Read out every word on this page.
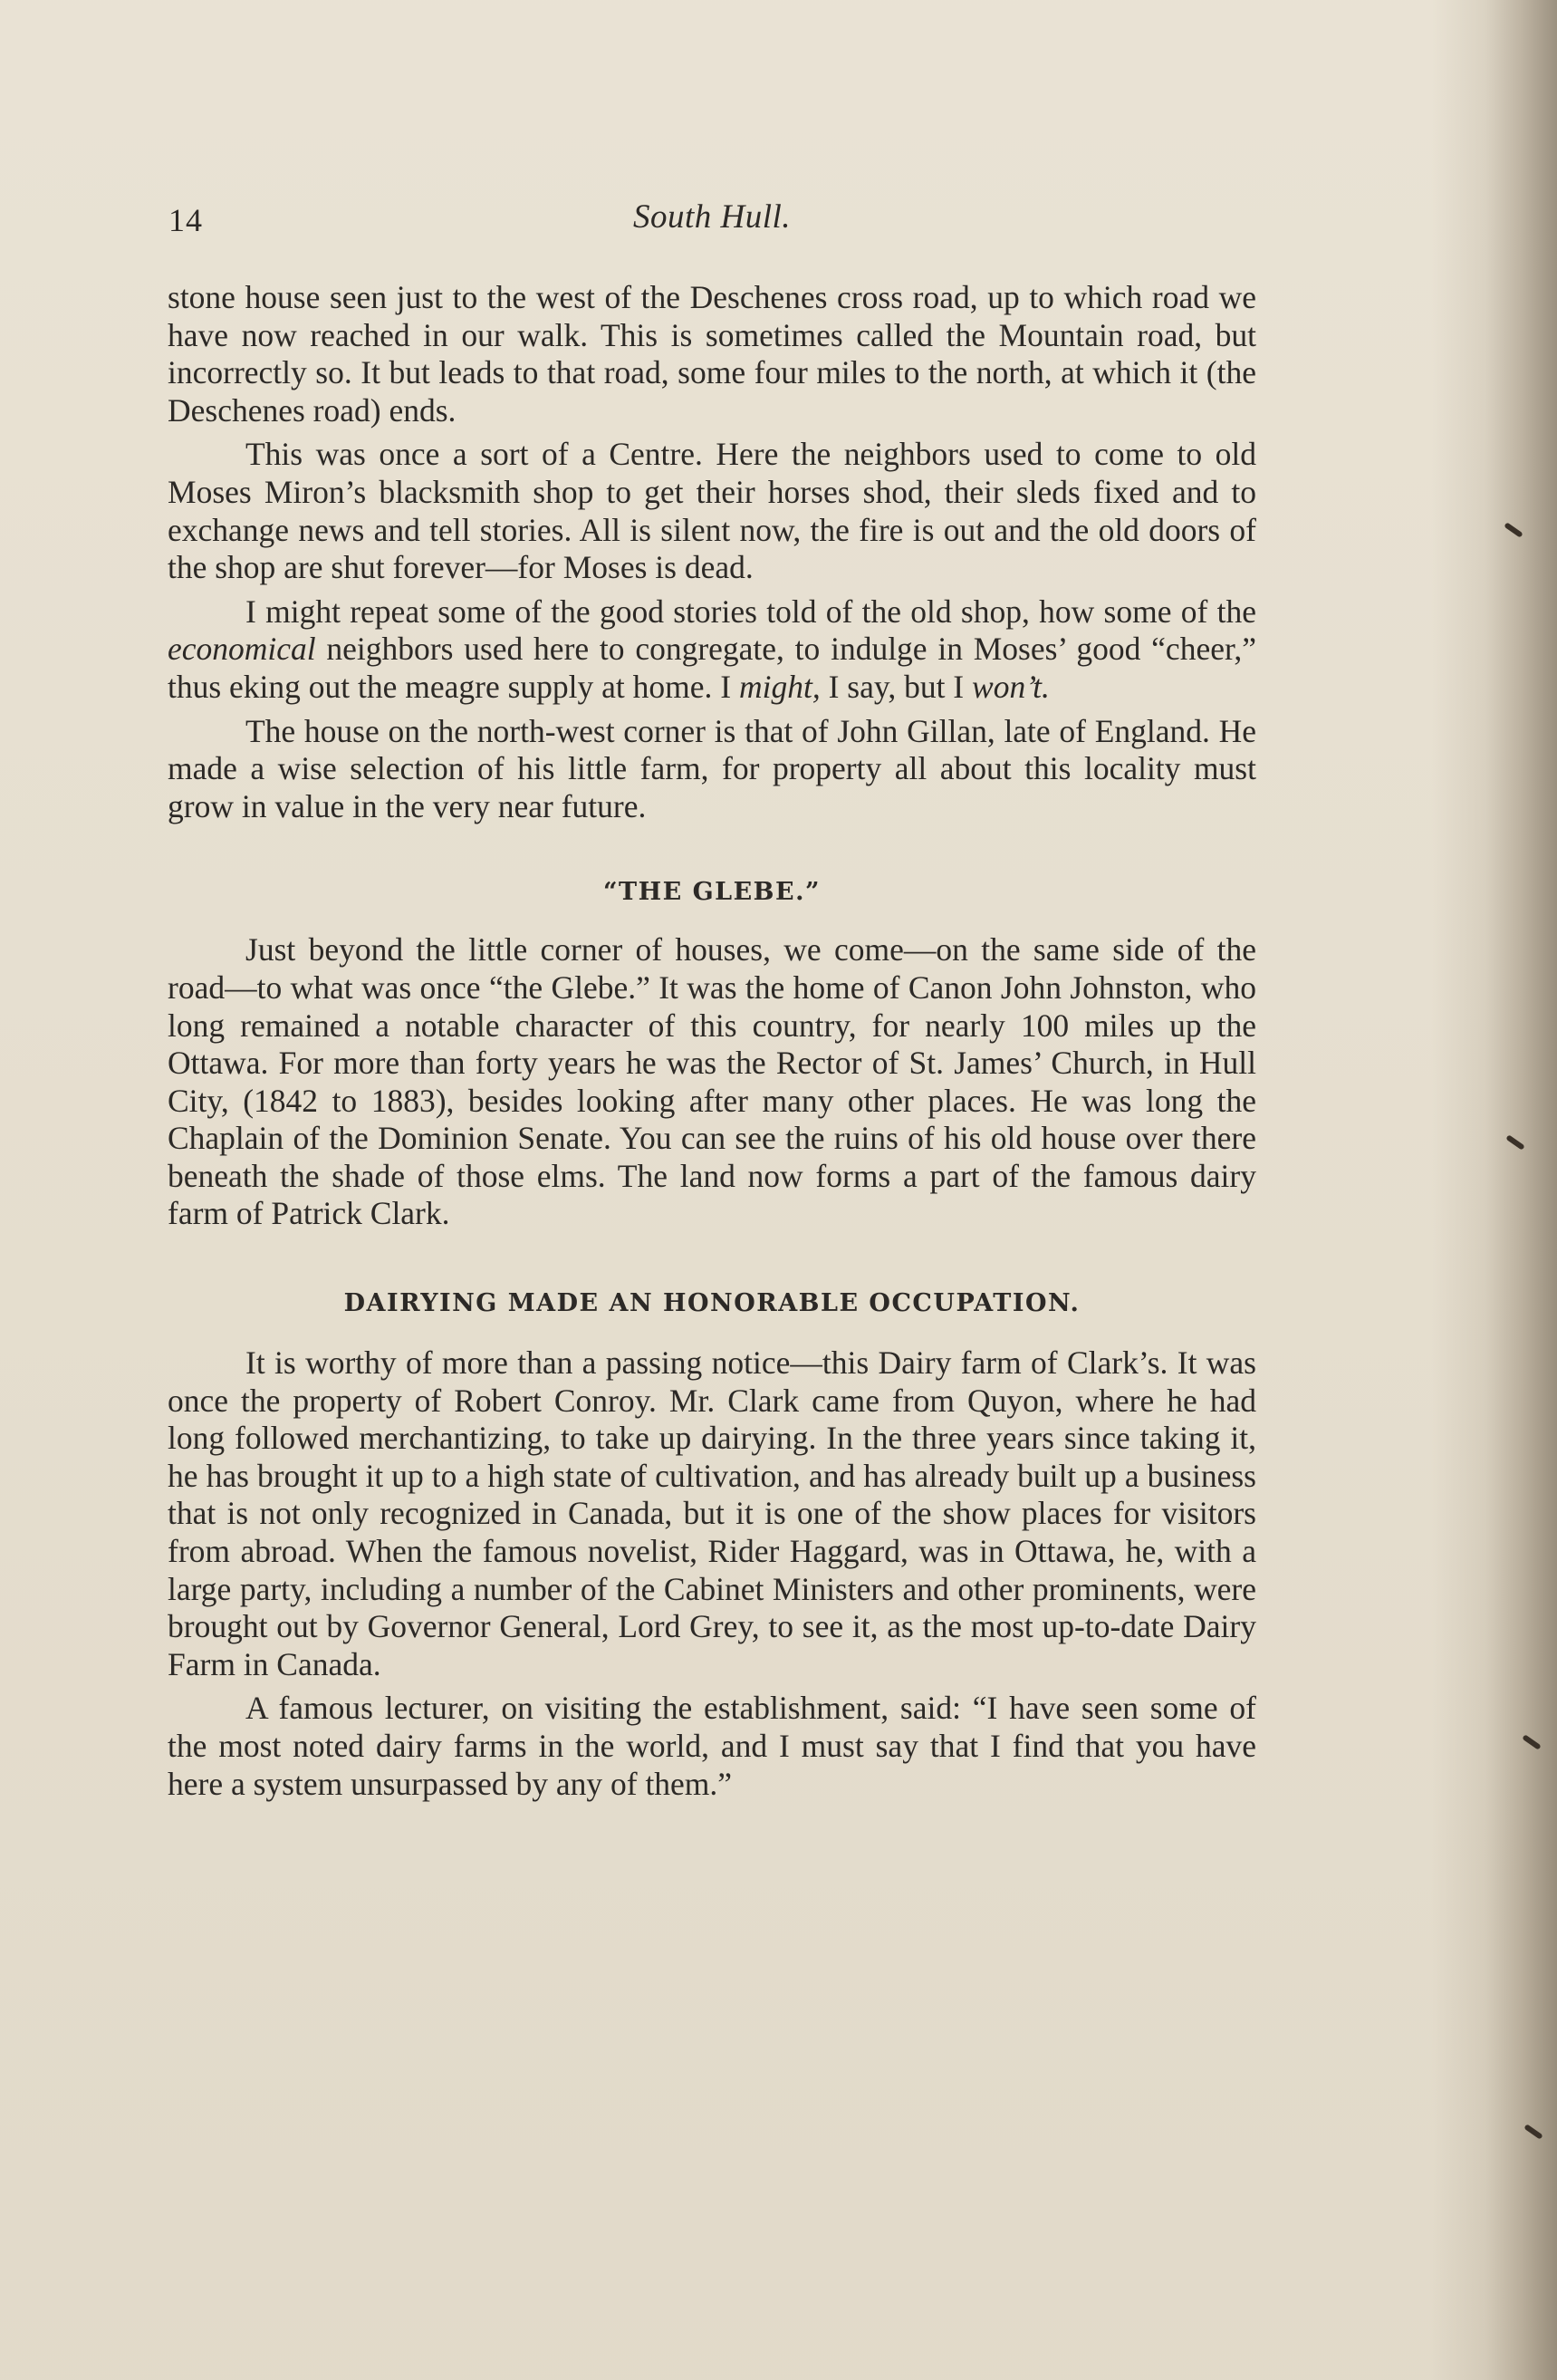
14	South Hull.

stone house seen just to the west of the Deschenes cross road, up to which road we have now reached in our walk. This is sometimes called the Mountain road, but incorrectly so. It but leads to that road, some four miles to the north, at which it (the Deschenes road) ends.

This was once a sort of a Centre. Here the neighbors used to come to old Moses Miron’s blacksmith shop to get their horses shod, their sleds fixed and to exchange news and tell stories. All is silent now, the fire is out and the old doors of the shop are shut forever—for Moses is dead.

I might repeat some of the good stories told of the old shop, how some of the economical neighbors used here to congregate, to indulge in Moses’ good “cheer,” thus eking out the meagre supply at home. I might, I say, but I won’t.

The house on the north-west corner is that of John Gillan, late of England. He made a wise selection of his little farm, for property all about this locality must grow in value in the very near future.

“THE GLEBE.”

Just beyond the little corner of houses, we come—on the same side of the road—to what was once “the Glebe.” It was the home of Canon John Johnston, who long remained a notable character of this country, for nearly 100 miles up the Ottawa. For more than forty years he was the Rector of St. James’ Church, in Hull City, (1842 to 1883), besides looking after many other places. He was long the Chaplain of the Dominion Senate. You can see the ruins of his old house over there beneath the shade of those elms. The land now forms a part of the famous dairy farm of Patrick Clark.

DAIRYING MADE AN HONORABLE OCCUPATION.

It is worthy of more than a passing notice—this Dairy farm of Clark’s. It was once the property of Robert Conroy. Mr. Clark came from Quyon, where he had long followed merchantizing, to take up dairying. In the three years since taking it, he has brought it up to a high state of cultivation, and has already built up a business that is not only recognized in Canada, but it is one of the show places for visitors from abroad. When the famous novelist, Rider Haggard, was in Ottawa, he, with a large party, including a number of the Cabinet Ministers and other prominents, were brought out by Governor General, Lord Grey, to see it, as the most up-to-date Dairy Farm in Canada.

A famous lecturer, on visiting the establishment, said: “I have seen some of the most noted dairy farms in the world, and I must say that I find that you have here a system unsurpassed by any of them.”
